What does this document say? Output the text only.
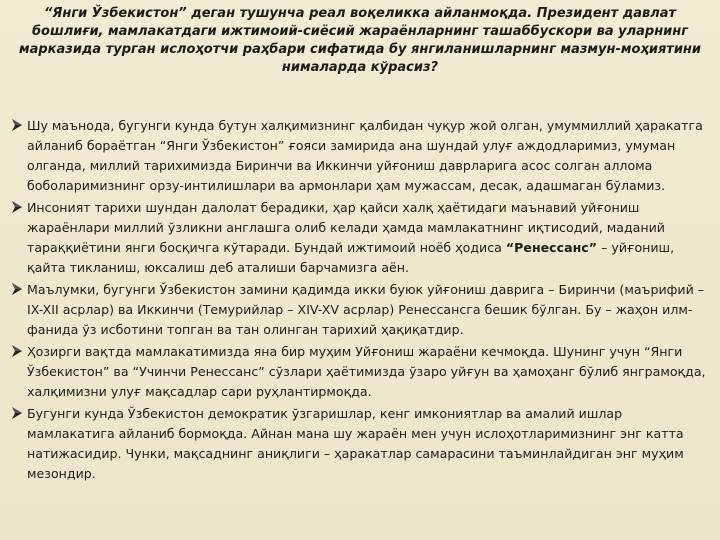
“Янги Ўзбекистон” деган тушунча реал воқеликка айланмоқда. Президент давлат бошлиғи, мамлакатдаги ижтимоий-сиёсий жараёнларнинг ташаббускори ва уларнинг марказида турган ислоҳотчи раҳбари сифатида бу янгиланишларнинг мазмун-моҳиятини нималарда кўрасиз?
Шу маънода, бугунги кунда бутун халқимизнинг қалбидан чуқур жой олган, умуммиллий ҳаракатга айланиб бораётган “Янги Ўзбекистон” ғояси замирида ана шундай улуғ аждодларимиз, умуман олганда, миллий тарихимизда Биринчи ва Иккинчи уйғониш даврларига асос солган аллома боболаримизнинг орзу-интилишлари ва армонлари ҳам мужассам, десак, адашмаган бўламиз.
Инсоният тарихи шундан далолат берадики, ҳар қайси халқ ҳаётидаги маънавий уйғониш жараёнлари миллий ўзликни англашга олиб келади ҳамда мамлакатнинг иқтисодий, маданий тараққиётини янги босқичга кўтаради. Бундай ижтимоий ноёб ҳодиса “Ренессанс” – уйғониш, қайта тикланиш, юксалиш деб аталиши барчамизга аён.
Маълумки, бугунги Ўзбекистон замини қадимда икки буюк уйғониш даврига – Биринчи (маърифий – IX-XII асрлар) ва Иккинчи (Темурийлар – XIV-XV асрлар) Ренессансга бешик бўлган. Бу – жаҳон илм-фанида ўз исботини топган ва тан олинган тарихий ҳақиқатдир.
Ҳозирги вақтда мамлакатимизда яна бир муҳим Уйғониш жараёни кечмоқда. Шунинг учун “Янги Ўзбекистон” ва “Учинчи Ренессанс” сўзлари ҳаётимизда ўзаро уйғун ва ҳамоҳанг бўлиб янграмоқда, халқимизни улуғ мақсадлар сари руҳлантирмоқда.
Бугунги кунда Ўзбекистон демократик ўзгаришлар, кенг имкониятлар ва амалий ишлар мамлакатига айланиб бормоқда. Айнан мана шу жараён мен учун ислоҳотларимизнинг энг катта натижасидир. Чунки, мақсаднинг аниқлиги – ҳаракатлар самарасини таъминлайдиган энг муҳим мезондир.
